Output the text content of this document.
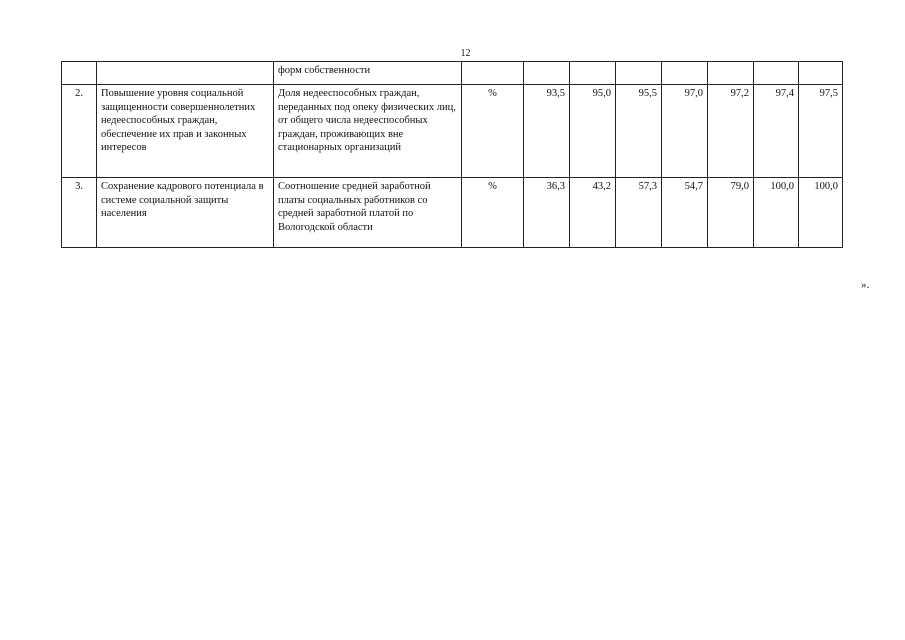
12
		форм собственности								
2.	Повышение уровня социальной защищенности совершеннолетних недееспособных граждан, обеспечение их прав и законных интересов	Доля недееспособных граждан, переданных под опеку физических лиц, от общего числа недееспособных граждан, проживающих вне стационарных организаций	%	93,5	95,0	95,5	97,0	97,2	97,4	97,5
3.	Сохранение кадрового потенциала в системе социальной защиты населения	Соотношение средней заработной платы социальных работников со средней заработной платой по Вологодской области	%	36,3	43,2	57,3	54,7	79,0	100,0	100,0
».
